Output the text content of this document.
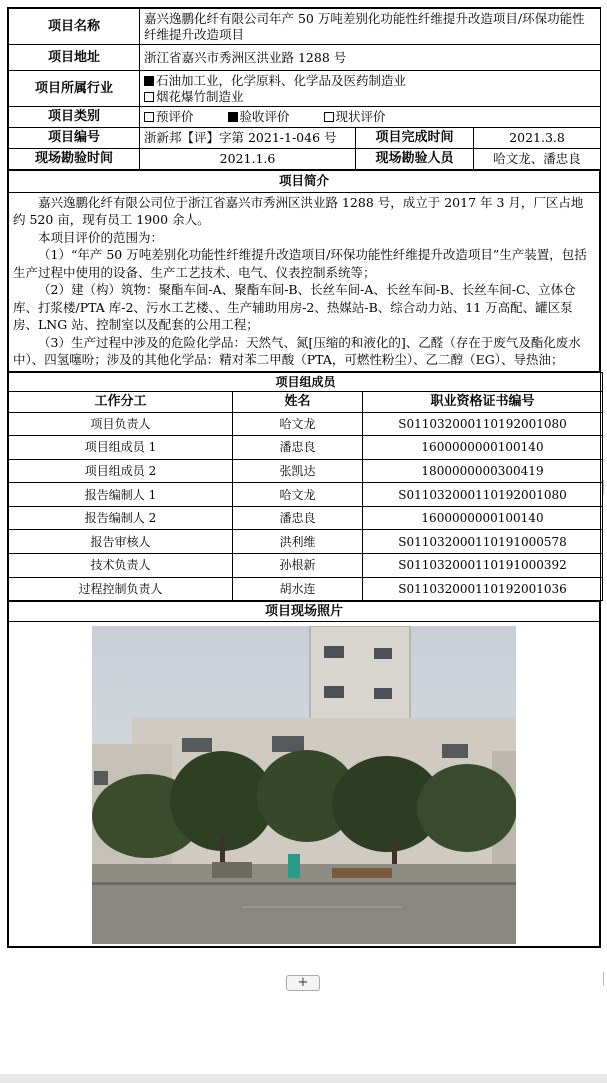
项目名称	嘉兴逸鹏化纤有限公司年产 50 万吨差别化功能性纤维提升改造项目/环保功能性纤维提升改造项目		
项目地址	浙江省嘉兴市秀洲区洪业路 1288 号		
项目所属行业	石油加工业，化学原料、化学品及医药制造业
烟花爆竹制造业		

项目类别	预评价 验收评价 现状评价		
项目编号	浙新邦【评】字第 2021-1-046 号	项目完成时间	2021.3.8
现场勘验时间	2021.1.6	现场勘验人员	哈文龙、潘忠良
项目简介

嘉兴逸鹏化纤有限公司位于浙江省嘉兴市秀洲区洪业路 1288 号，成立于 2017 年 3 月，厂区占地约 520 亩，现有员工 1900 余人。

本项目评价的范围为：

（1）“年产 50 万吨差别化功能性纤维提升改造项目/环保功能性纤维提升改造项目”生产装置，包括生产过程中使用的设备、生产工艺技术、电气、仪表控制系统等；

（2）建（构）筑物：聚酯车间-A、聚酯车间-B、长丝车间-A、长丝车间-B、长丝车间-C、立体仓库、打浆楼/PTA 库-2、污水工艺楼、、生产辅助用房-2、热媒站-B、综合动力站、11 万高配、罐区泵房、LNG 站、控制室以及配套的公用工程；

（3）生产过程中涉及的危险化学品：天然气、氮[压缩的和液化的]、乙醛（存在于废气及酯化废水中）、四氢噻吩；涉及的其他化学品：精对苯二甲酸（PTA，可燃性粉尘）、乙二醇（EG）、导热油；

项目组成员		
工作分工	姓名	职业资格证书编号
项目负责人	哈文龙	S011032000110192001080
项目组成员 1	潘忠良	1600000000100140
项目组成员 2	张凯达	1800000000300419
报告编制人 1	哈文龙	S011032000110192001080
报告编制人 2	潘忠良	1600000000100140
报告审核人	洪利维	S011032000110191000578
技术负责人	孙根新	S011032000110191000392
过程控制负责人	胡水连	S011032000110192001036
项目现场照片

+
